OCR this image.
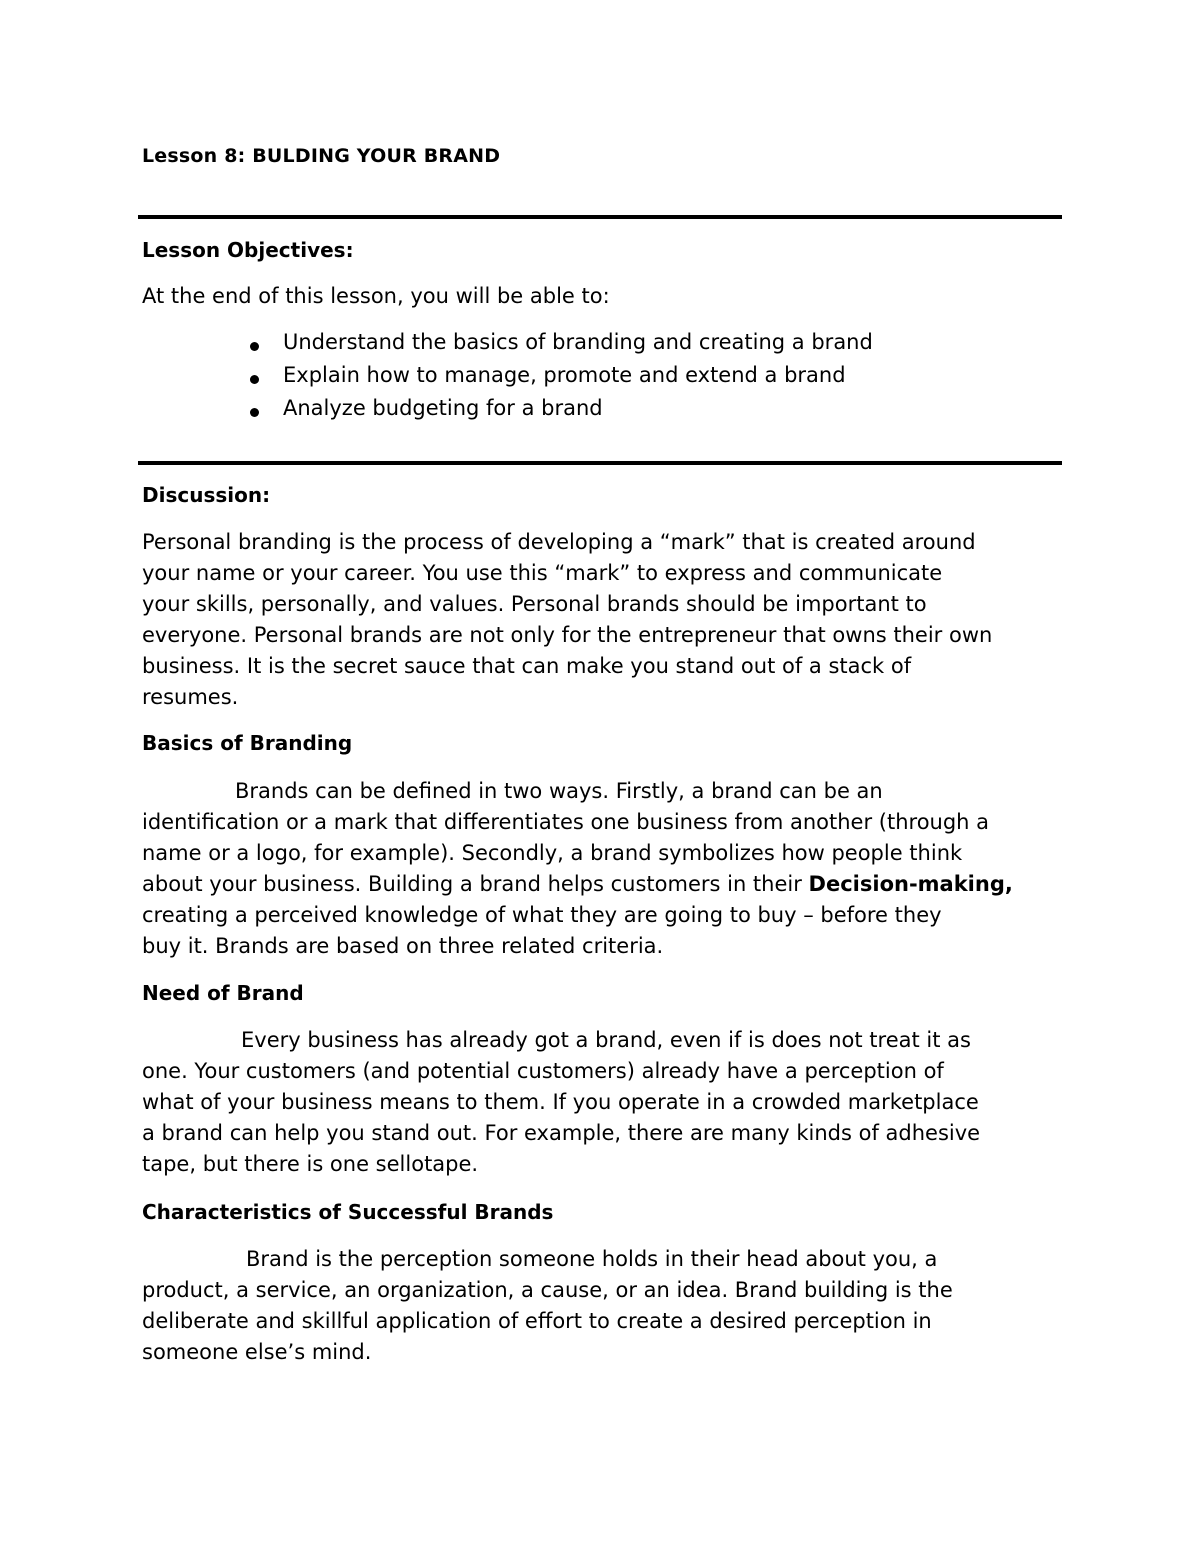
Lesson 8: BULDING YOUR BRAND
Lesson Objectives:
At the end of this lesson, you will be able to:
Understand the basics of branding and creating a brand
Explain how to manage, promote and extend a brand
Analyze budgeting for a brand
Discussion:
Personal branding is the process of developing a “mark” that is created around
your name or your career. You use this “mark” to express and communicate
your skills, personally, and values. Personal brands should be important to
everyone. Personal brands are not only for the entrepreneur that owns their own
business. It is the secret sauce that can make you stand out of a stack of
resumes.
Basics of Branding
Brands can be defined in two ways. Firstly, a brand can be an
identification or a mark that differentiates one business from another (through a
name or a logo, for example). Secondly, a brand symbolizes how people think
about your business. Building a brand helps customers in their Decision-making,
creating a perceived knowledge of what they are going to buy – before they
buy it. Brands are based on three related criteria.
Need of Brand
Every business has already got a brand, even if is does not treat it as
one. Your customers (and potential customers) already have a perception of
what of your business means to them. If you operate in a crowded marketplace
a brand can help you stand out. For example, there are many kinds of adhesive
tape, but there is one sellotape.
Characteristics of Successful Brands
Brand is the perception someone holds in their head about you, a
product, a service, an organization, a cause, or an idea. Brand building is the
deliberate and skillful application of effort to create a desired perception in
someone else’s mind.
